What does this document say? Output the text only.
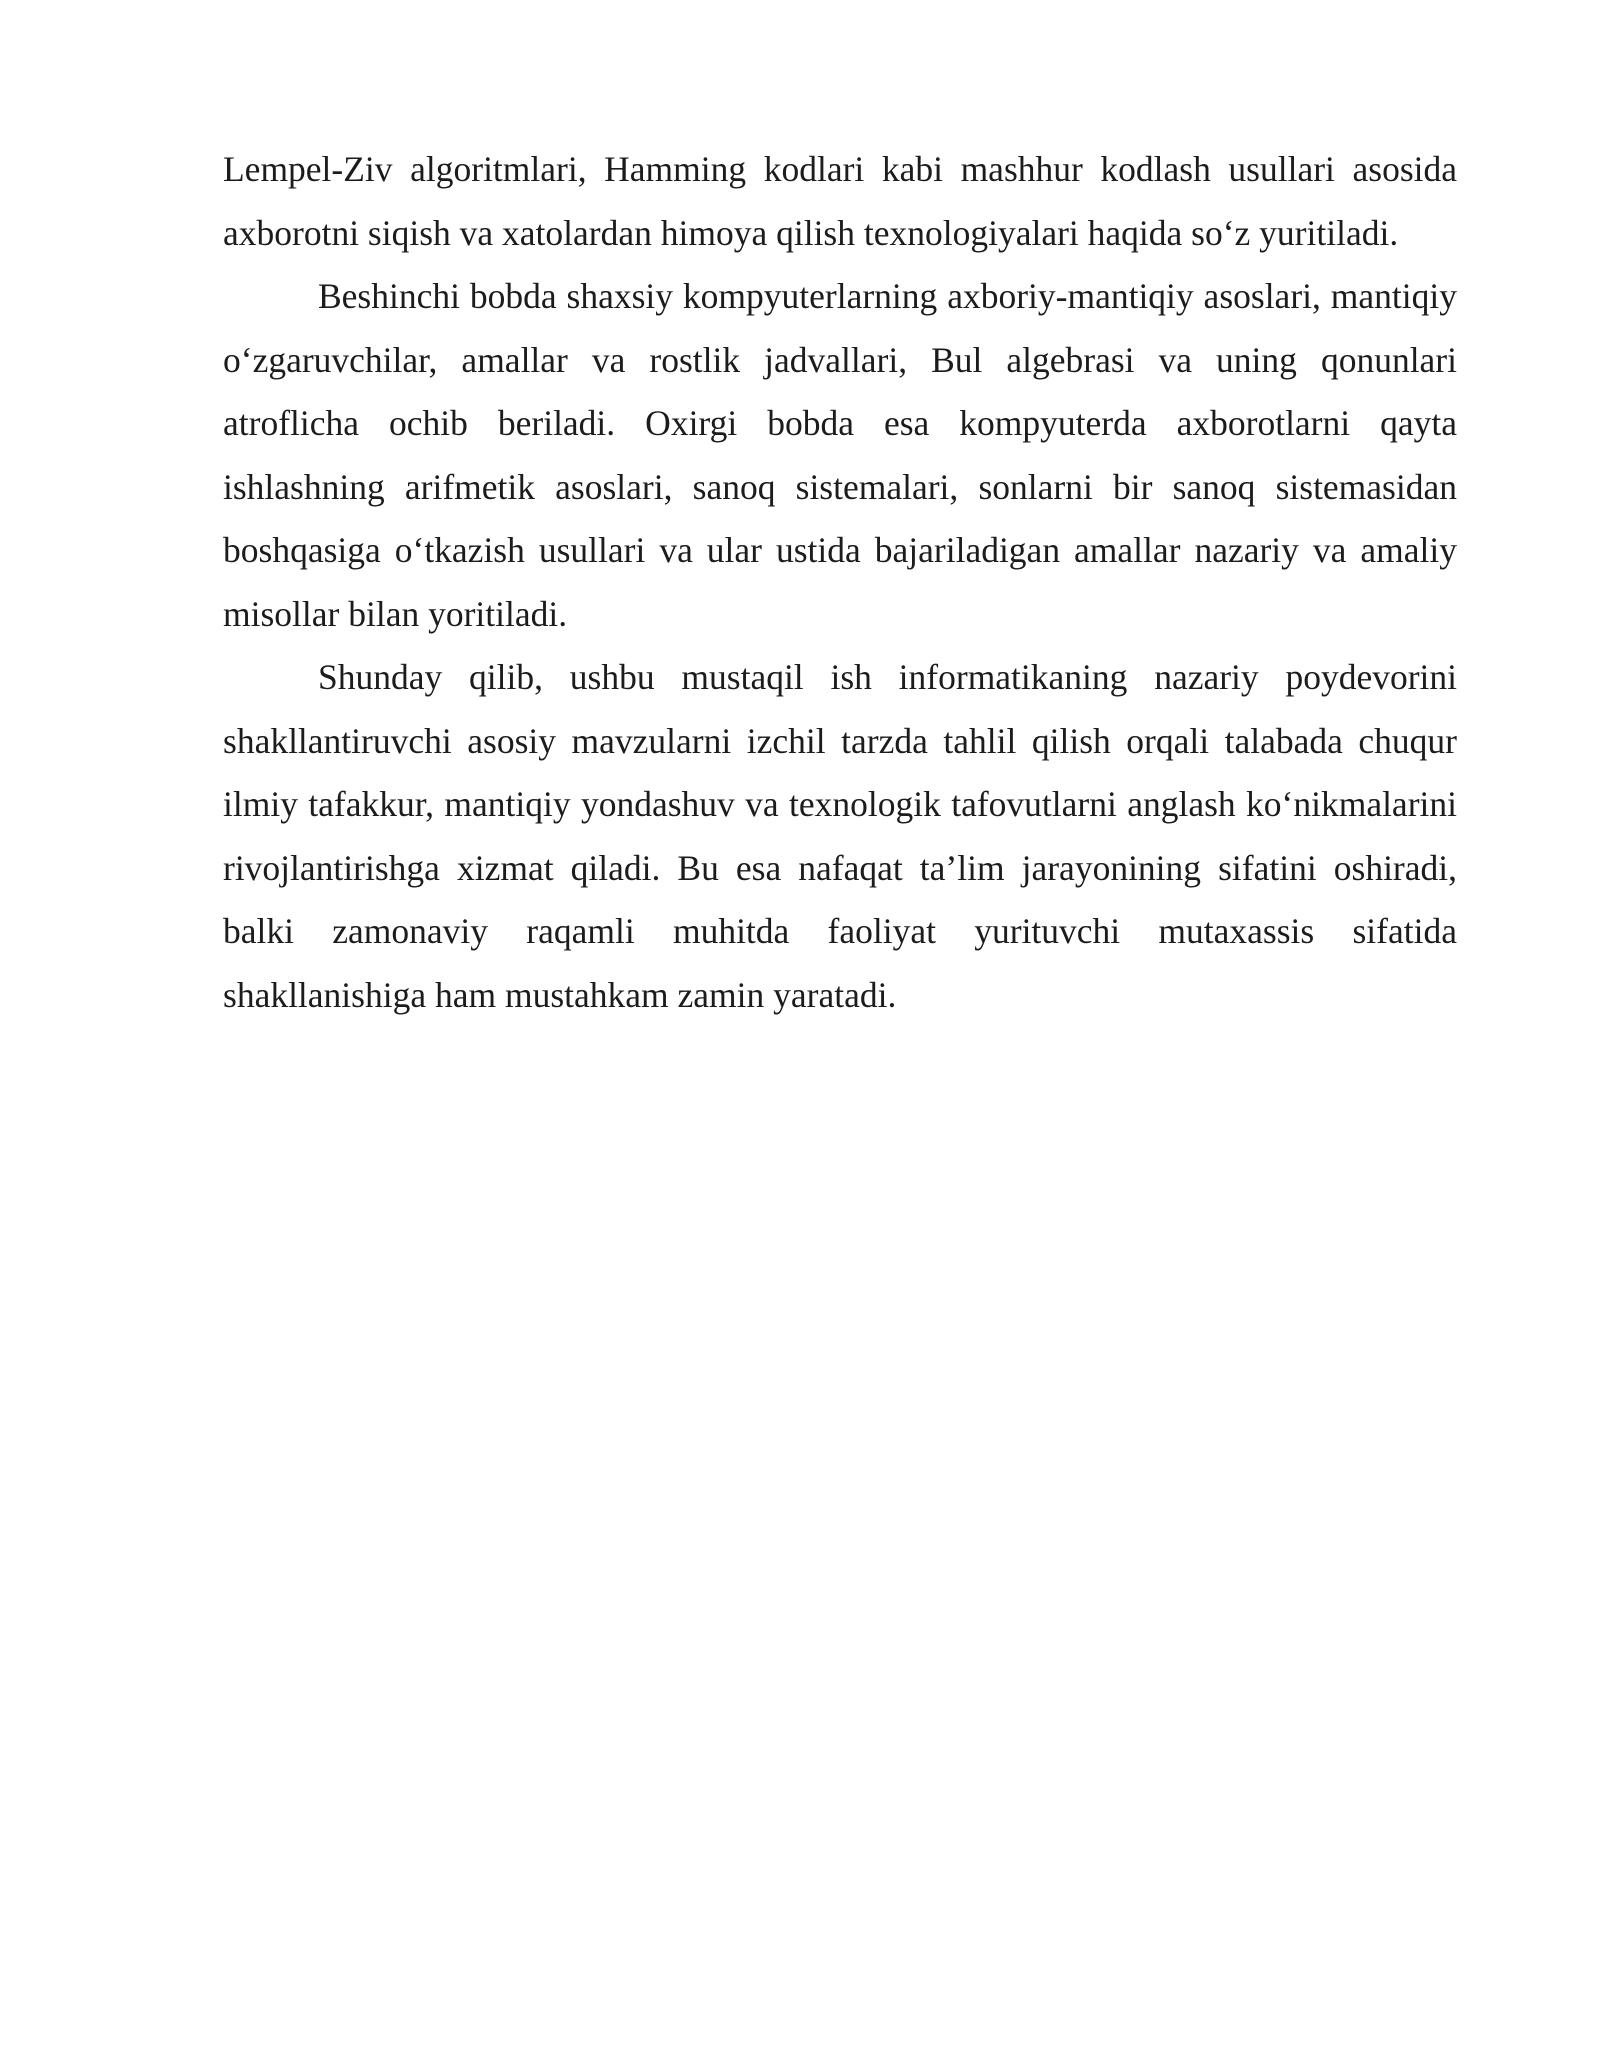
Lempel-Ziv algoritmlari, Hamming kodlari kabi mashhur kodlash usullari asosida axborotni siqish va xatolardan himoya qilish texnologiyalari haqida so‘z yuritiladi.

Beshinchi bobda shaxsiy kompyuterlarning axboriy-mantiqiy asoslari, mantiqiy o‘zgaruvchilar, amallar va rostlik jadvallari, Bul algebrasi va uning qonunlari atroflicha ochib beriladi. Oxirgi bobda esa kompyuterda axborotlarni qayta ishlashning arifmetik asoslari, sanoq sistemalari, sonlarni bir sanoq sistemasidan boshqasiga o‘tkazish usullari va ular ustida bajariladigan amallar nazariy va amaliy misollar bilan yoritiladi.

Shunday qilib, ushbu mustaqil ish informatikaning nazariy poydevorini shakllantiruvchi asosiy mavzularni izchil tarzda tahlil qilish orqali talabada chuqur ilmiy tafakkur, mantiqiy yondashuv va texnologik tafovutlarni anglash ko‘nikmalarini rivojlantirishga xizmat qiladi. Bu esa nafaqat ta’lim jarayonining sifatini oshiradi, balki zamonaviy raqamli muhitda faoliyat yurituvchi mutaxassis sifatida shakllanishiga ham mustahkam zamin yaratadi.
